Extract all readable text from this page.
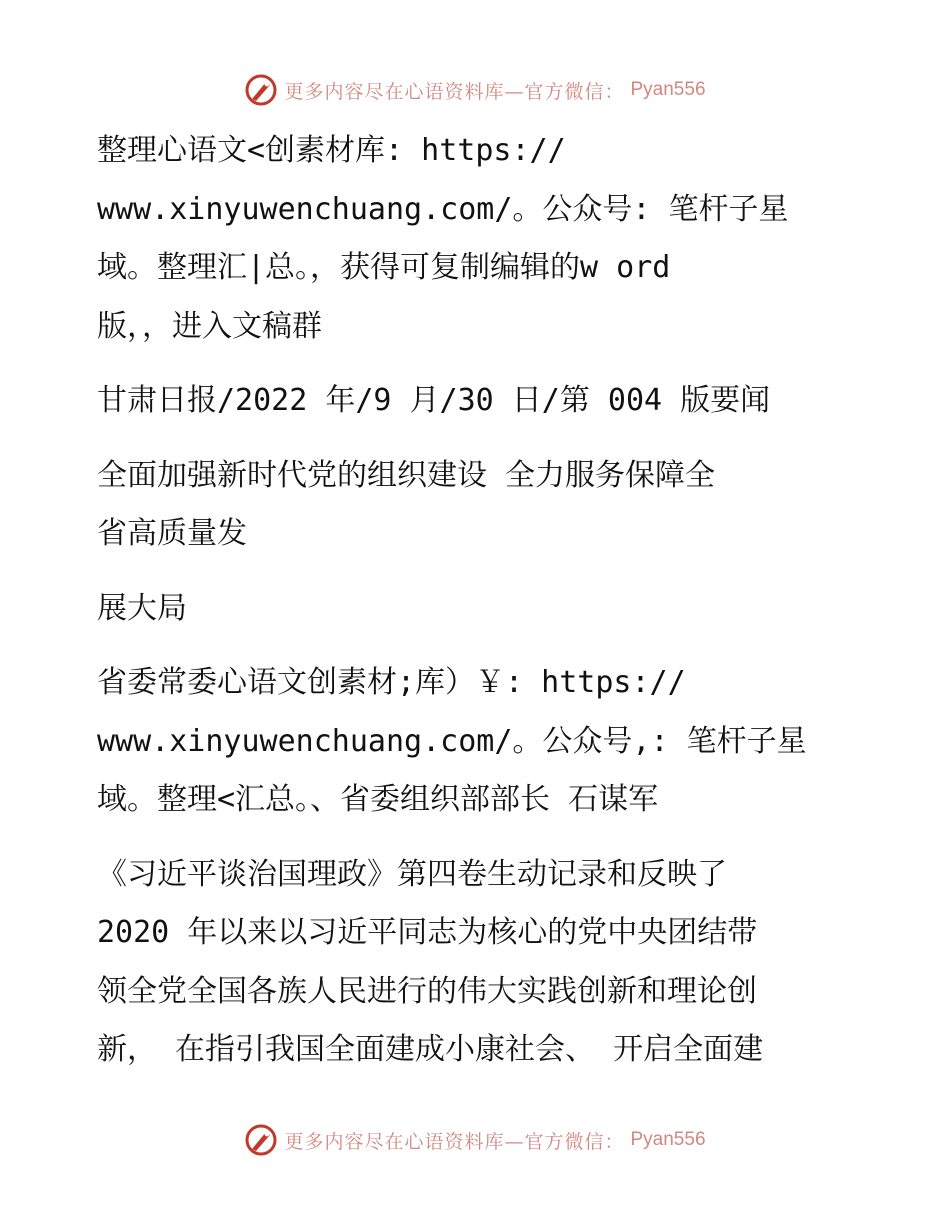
更多内容尽在心语资料库—官方微信： Pyan556
整理心语文<创素材库: https://
www.xinyuwenchuang.com/。公众号: 笔杆子星
域。整理汇|总。，获得可复制编辑的w ord
版，，进入文稿群
甘肃日报/2022 年/9 月/30 日/第 004 版要闻
全面加强新时代党的组织建设 全力服务保障全
省高质量发
展大局
省委常委心语文创素材;库）￥: https://
www.xinyuwenchuang.com/。公众号,: 笔杆子星
域。整理<汇总。、省委组织部部长 石谋军
《习近平谈治国理政》第四卷生动记录和反映了
2020 年以来以习近平同志为核心的党中央团结带
领全党全国各族人民进行的伟大实践创新和理论创
新， 在指引我国全面建成小康社会、 开启全面建
更多内容尽在心语资料库—官方微信： Pyan556
